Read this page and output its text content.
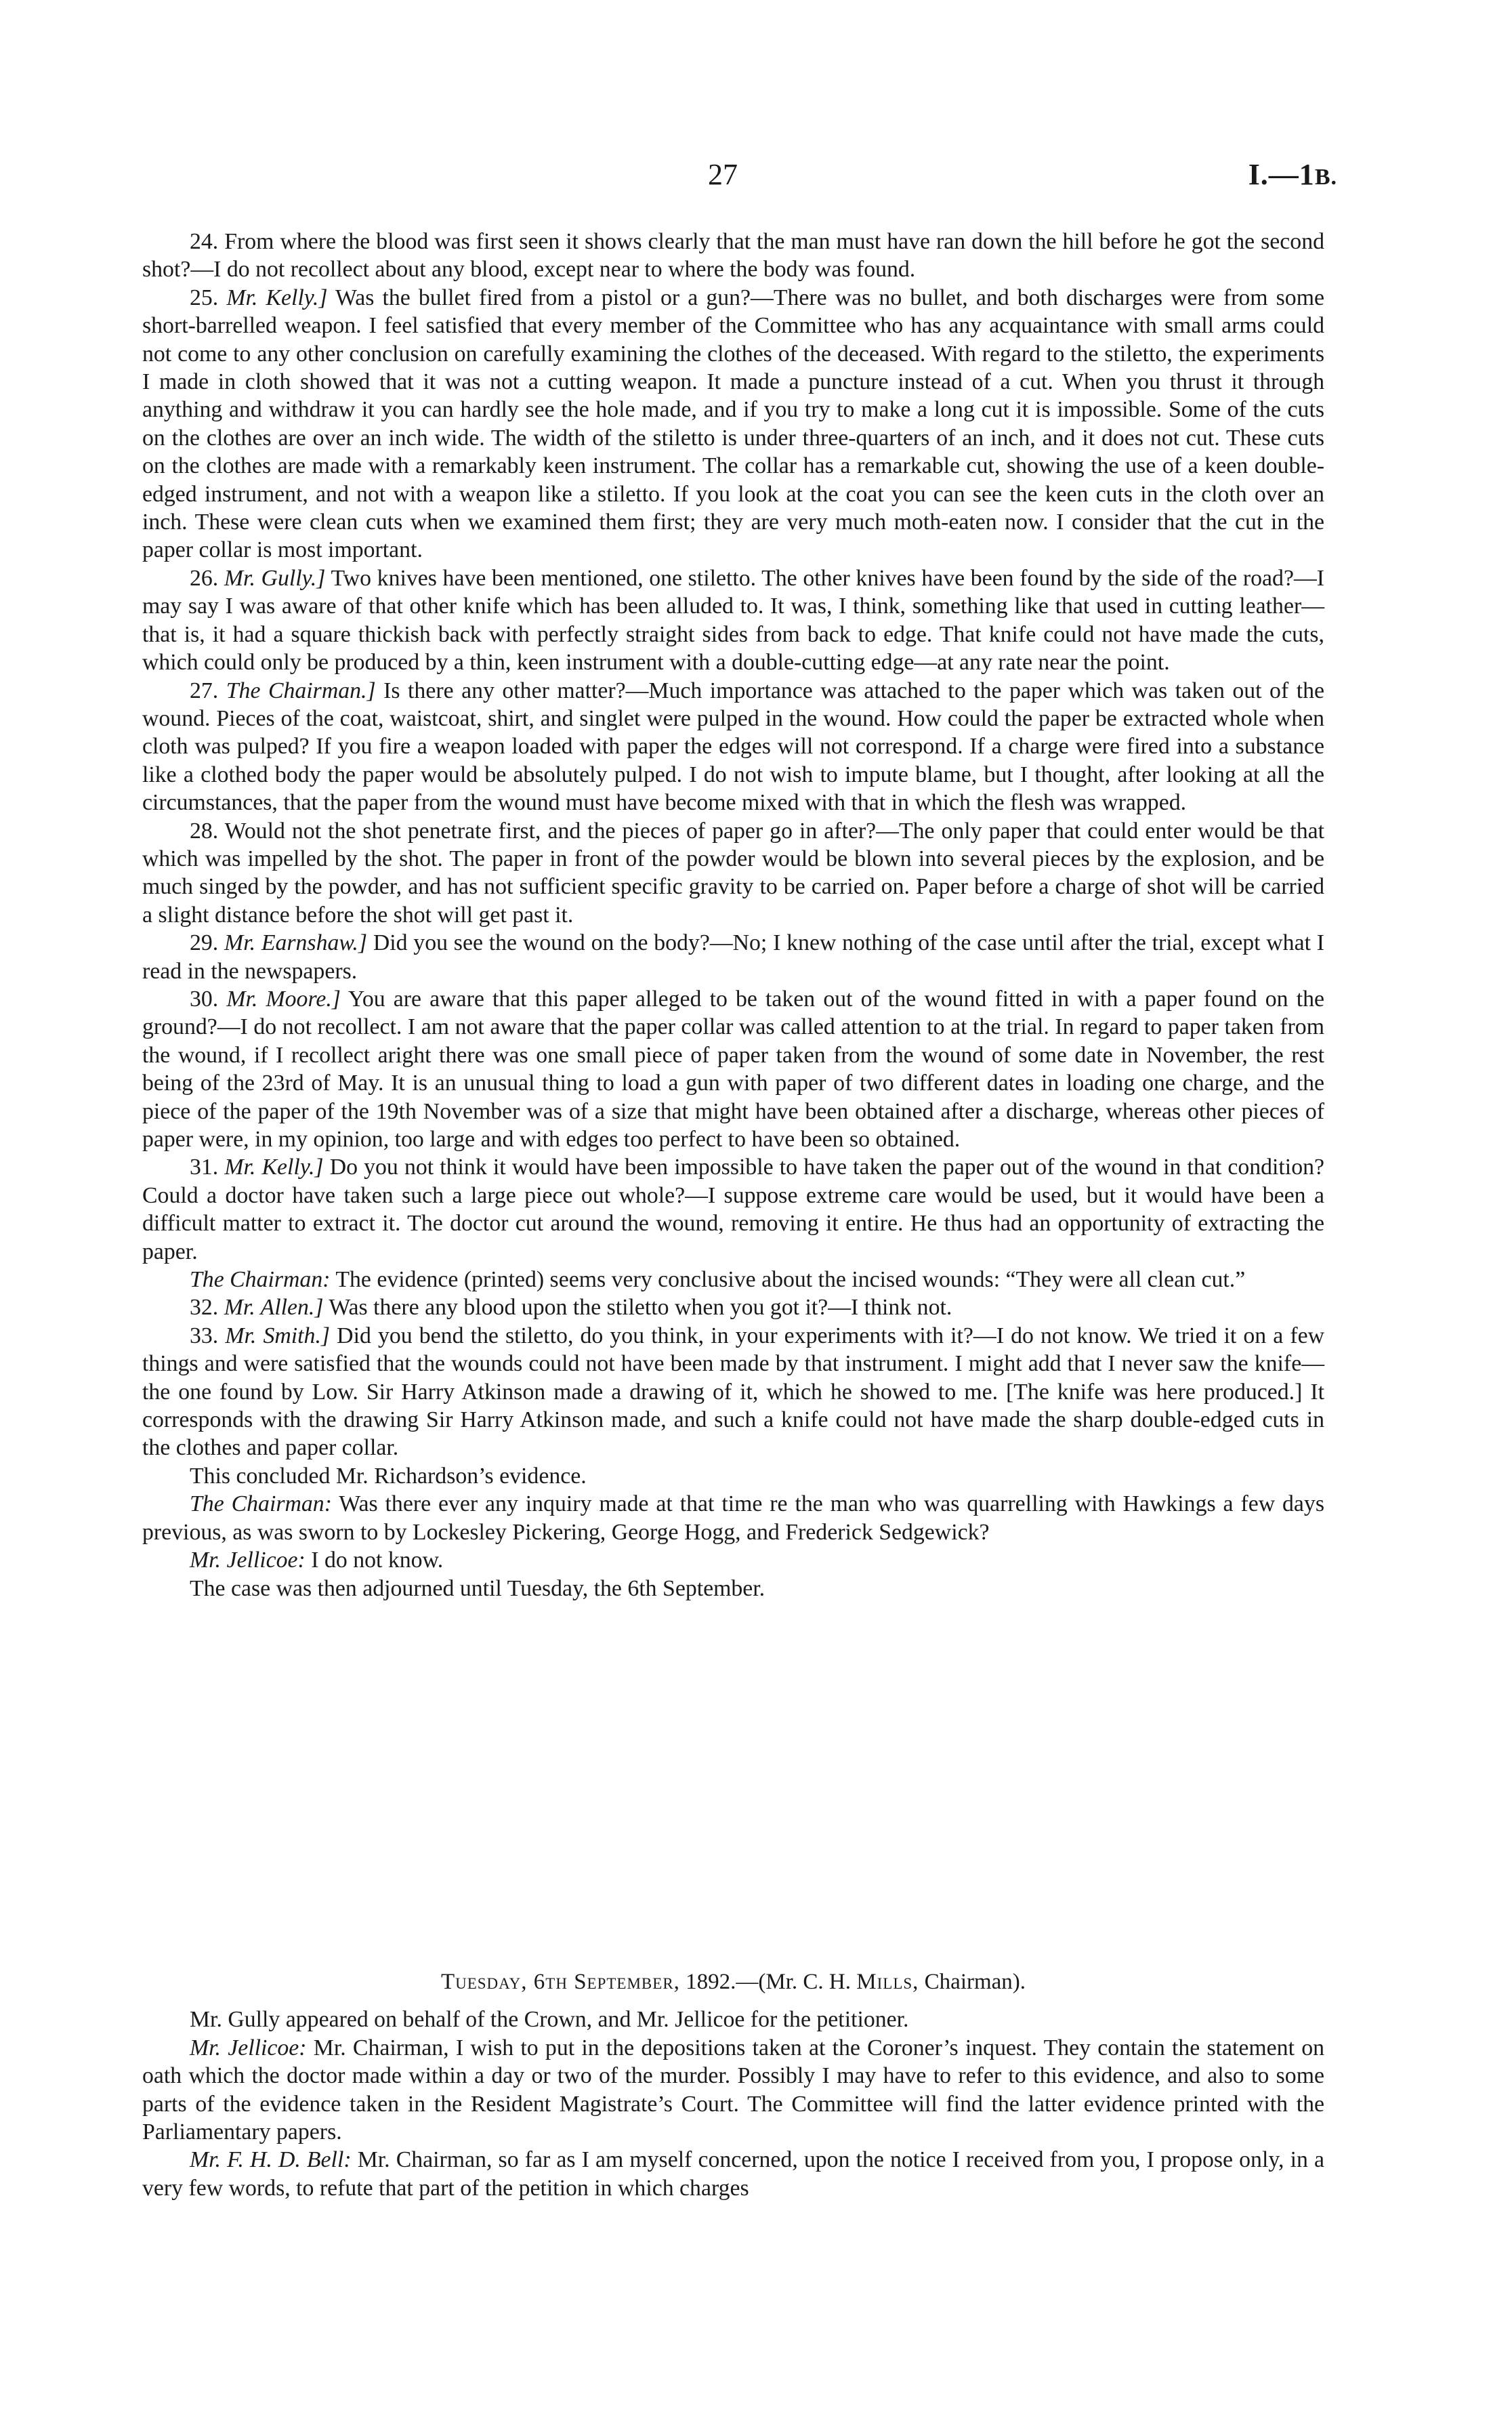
27	I.—1B.

24. From where the blood was first seen it shows clearly that the man must have ran down the hill before he got the second shot?—I do not recollect about any blood, except near to where the body was found.

25. Mr. Kelly.] Was the bullet fired from a pistol or a gun?—There was no bullet, and both discharges were from some short-barrelled weapon. I feel satisfied that every member of the Committee who has any acquaintance with small arms could not come to any other conclusion on carefully examining the clothes of the deceased. With regard to the stiletto, the experiments I made in cloth showed that it was not a cutting weapon. It made a puncture instead of a cut. When you thrust it through anything and withdraw it you can hardly see the hole made, and if you try to make a long cut it is impossible. Some of the cuts on the clothes are over an inch wide. The width of the stiletto is under three-quarters of an inch, and it does not cut. These cuts on the clothes are made with a remarkably keen instrument. The collar has a remarkable cut, showing the use of a keen double-edged instrument, and not with a weapon like a stiletto. If you look at the coat you can see the keen cuts in the cloth over an inch. These were clean cuts when we examined them first; they are very much moth-eaten now. I consider that the cut in the paper collar is most important.

26. Mr. Gully.] Two knives have been mentioned, one stiletto. The other knives have been found by the side of the road?—I may say I was aware of that other knife which has been alluded to. It was, I think, something like that used in cutting leather—that is, it had a square thickish back with perfectly straight sides from back to edge. That knife could not have made the cuts, which could only be produced by a thin, keen instrument with a double-cutting edge—at any rate near the point.

27. The Chairman.] Is there any other matter?—Much importance was attached to the paper which was taken out of the wound. Pieces of the coat, waistcoat, shirt, and singlet were pulped in the wound. How could the paper be extracted whole when cloth was pulped? If you fire a weapon loaded with paper the edges will not correspond. If a charge were fired into a substance like a clothed body the paper would be absolutely pulped. I do not wish to impute blame, but I thought, after looking at all the circumstances, that the paper from the wound must have become mixed with that in which the flesh was wrapped.

28. Would not the shot penetrate first, and the pieces of paper go in after?—The only paper that could enter would be that which was impelled by the shot. The paper in front of the powder would be blown into several pieces by the explosion, and be much singed by the powder, and has not sufficient specific gravity to be carried on. Paper before a charge of shot will be carried a slight distance before the shot will get past it.

29. Mr. Earnshaw.] Did you see the wound on the body?—No; I knew nothing of the case until after the trial, except what I read in the newspapers.

30. Mr. Moore.] You are aware that this paper alleged to be taken out of the wound fitted in with a paper found on the ground?—I do not recollect. I am not aware that the paper collar was called attention to at the trial. In regard to paper taken from the wound, if I recollect aright there was one small piece of paper taken from the wound of some date in November, the rest being of the 23rd of May. It is an unusual thing to load a gun with paper of two different dates in loading one charge, and the piece of the paper of the 19th November was of a size that might have been obtained after a discharge, whereas other pieces of paper were, in my opinion, too large and with edges too perfect to have been so obtained.

31. Mr. Kelly.] Do you not think it would have been impossible to have taken the paper out of the wound in that condition? Could a doctor have taken such a large piece out whole?—I suppose extreme care would be used, but it would have been a difficult matter to extract it. The doctor cut around the wound, removing it entire. He thus had an opportunity of extracting the paper.

The Chairman: The evidence (printed) seems very conclusive about the incised wounds: “They were all clean cut.”

32. Mr. Allen.] Was there any blood upon the stiletto when you got it?—I think not.

33. Mr. Smith.] Did you bend the stiletto, do you think, in your experiments with it?—I do not know. We tried it on a few things and were satisfied that the wounds could not have been made by that instrument. I might add that I never saw the knife—the one found by Low. Sir Harry Atkinson made a drawing of it, which he showed to me. [The knife was here produced.] It corresponds with the drawing Sir Harry Atkinson made, and such a knife could not have made the sharp double-edged cuts in the clothes and paper collar.

This concluded Mr. Richardson’s evidence.

The Chairman: Was there ever any inquiry made at that time re the man who was quarrelling with Hawkings a few days previous, as was sworn to by Lockesley Pickering, George Hogg, and Frederick Sedgewick?

Mr. Jellicoe: I do not know.

The case was then adjourned until Tuesday, the 6th September.

Tuesday, 6th September, 1892.—(Mr. C. H. Mills, Chairman).

Mr. Gully appeared on behalf of the Crown, and Mr. Jellicoe for the petitioner.

Mr. Jellicoe: Mr. Chairman, I wish to put in the depositions taken at the Coroner’s inquest. They contain the statement on oath which the doctor made within a day or two of the murder. Possibly I may have to refer to this evidence, and also to some parts of the evidence taken in the Resident Magistrate’s Court. The Committee will find the latter evidence printed with the Parliamentary papers.

Mr. F. H. D. Bell: Mr. Chairman, so far as I am myself concerned, upon the notice I received from you, I propose only, in a very few words, to refute that part of the petition in which charges
